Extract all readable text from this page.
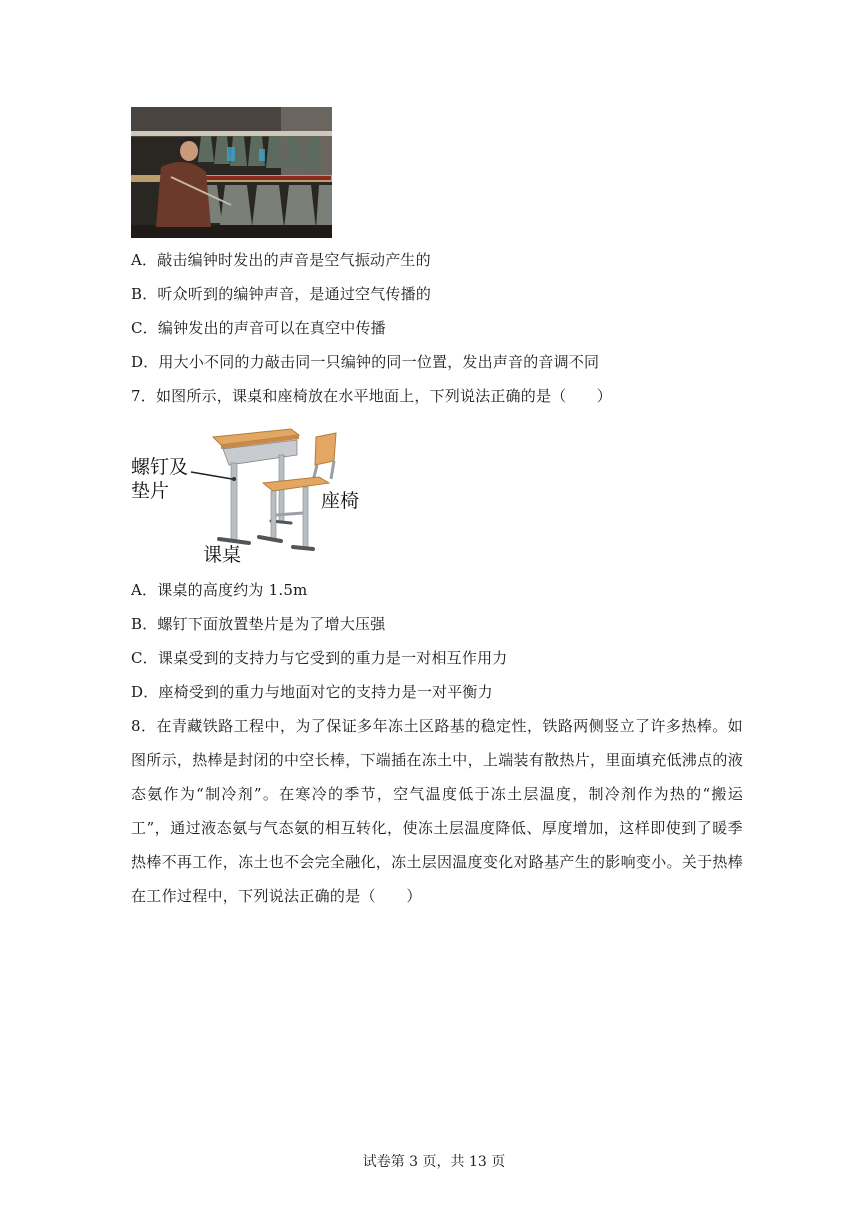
A．敲击编钟时发出的声音是空气振动产生的
B．听众听到的编钟声音，是通过空气传播的
C．编钟发出的声音可以在真空中传播
D．用大小不同的力敲击同一只编钟的同一位置，发出声音的音调不同
7．如图所示，课桌和座椅放在水平地面上，下列说法正确的是（　　）
螺钉及
垫片	座椅
课桌
A．课桌的高度约为 1.5m
B．螺钉下面放置垫片是为了增大压强
C．课桌受到的支持力与它受到的重力是一对相互作用力
D．座椅受到的重力与地面对它的支持力是一对平衡力
8．在青藏铁路工程中，为了保证多年冻土区路基的稳定性，铁路两侧竖立了许多热棒。如图所示，热棒是封闭的中空长棒，下端插在冻土中，上端装有散热片，里面填充低沸点的液态氨作为“制冷剂”。在寒冷的季节，空气温度低于冻土层温度，制冷剂作为热的“搬运工”，通过液态氨与气态氨的相互转化，使冻土层温度降低、厚度增加，这样即使到了暖季热棒不再工作，冻土也不会完全融化，冻土层因温度变化对路基产生的影响变小。关于热棒在工作过程中，下列说法正确的是（　　）
试卷第 3 页，共 13 页
